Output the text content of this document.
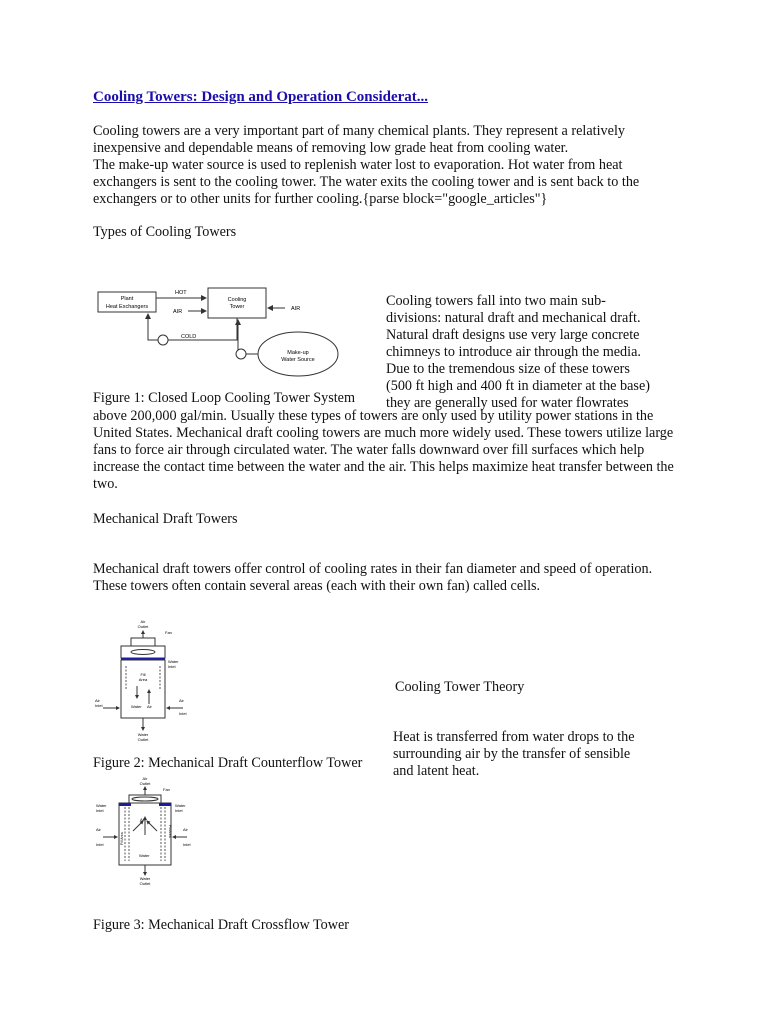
Cooling Towers: Design and Operation Considerat...

Cooling towers are a very important part of many chemical plants. They represent a relatively inexpensive and dependable means of removing low grade heat from cooling water.

The make-up water source is used to replenish water lost to evaporation. Hot water from heat exchangers is sent to the cooling tower. The water exits the cooling tower and is sent back to the exchangers or to other units for further cooling.{parse block="google_articles"}

Types of Cooling Towers
Plant
Heat Exchangers
Cooling
Tower
HOT
AIR	AIR
COLD
Make-up
Water Source
Cooling towers fall into two main sub-
divisions: natural draft and mechanical draft.
Natural draft designs use very large concrete
chimneys to introduce air through the media.
Due to the tremendous size of these towers
(500 ft high and 400 ft in diameter at the base)
they are generally used for water flowrates
Figure 1: Closed Loop Cooling Tower System
above 200,000 gal/min. Usually these types of towers are only used by utility power stations in the United States. Mechanical draft cooling towers are much more widely used. These towers utilize large fans to force air through circulated water. The water falls downward over fill surfaces which help increase the contact time between the water and the air. This helps maximize heat transfer between the two.
Mechanical Draft Towers
Mechanical draft towers offer control of cooling rates in their fan diameter and speed of operation. These towers often contain several areas (each with their own fan) called cells.
Air
Outlet
Fan
Water
Inlet
Fill
Area
Water Air
Air
Inlet
Air
Inlet
Water
Outlet
Cooling Tower Theory
Heat is transferred from water drops to the
surrounding air by the transfer of sensible
and latent heat.
Figure 2: Mechanical Draft Counterflow Tower
Air
Outlet
Fan
Water
Inlet
Water
Inlet
Fill Area
Fill Area
Air
Water
Air
Inlet
Air
Inlet
Water
Outlet
Figure 3: Mechanical Draft Crossflow Tower
